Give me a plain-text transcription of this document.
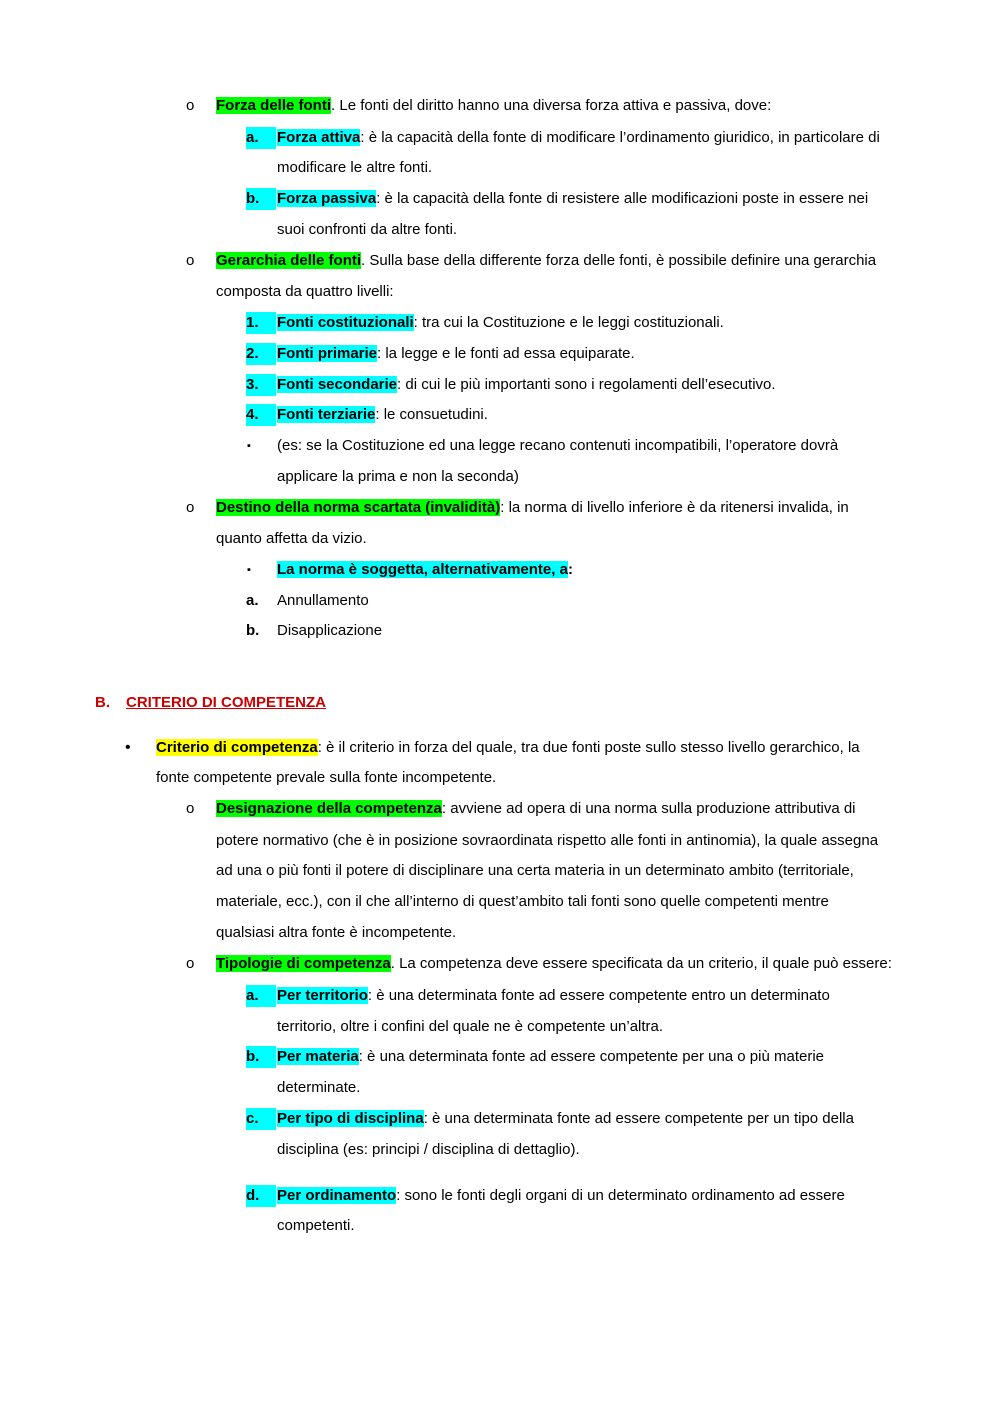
o Forza delle fonti. Le fonti del diritto hanno una diversa forza attiva e passiva, dove:
a.	Forza attiva: è la capacità della fonte di modificare l’ordinamento giuridico, in particolare di
modificare le altre fonti.
b.	Forza passiva: è la capacità della fonte di resistere alle modificazioni poste in essere nei
suoi confronti da altre fonti.
o Gerarchia delle fonti. Sulla base della differente forza delle fonti, è possibile definire una gerarchia
composta da quattro livelli:
1.	Fonti costituzionali: tra cui la Costituzione e le leggi costituzionali.
2.	Fonti primarie: la legge e le fonti ad essa equiparate.
3.	Fonti secondarie: di cui le più importanti sono i regolamenti dell’esecutivo.
4.	Fonti terziarie: le consuetudini.
▪ (es: se la Costituzione ed una legge recano contenuti incompatibili, l’operatore dovrà
applicare la prima e non la seconda)
o Destino della norma scartata (invalidità): la norma di livello inferiore è da ritenersi invalida, in
quanto affetta da vizio.
▪ La norma è soggetta, alternativamente, a:
a. Annullamento
b. Disapplicazione
B. CRITERIO DI COMPETENZA
• Criterio di competenza: è il criterio in forza del quale, tra due fonti poste sullo stesso livello gerarchico, la
fonte competente prevale sulla fonte incompetente.
o Designazione della competenza: avviene ad opera di una norma sulla produzione attributiva di
potere normativo (che è in posizione sovraordinata rispetto alle fonti in antinomia), la quale assegna
ad una o più fonti il potere di disciplinare una certa materia in un determinato ambito (territoriale,
materiale, ecc.), con il che all’interno di quest’ambito tali fonti sono quelle competenti mentre
qualsiasi altra fonte è incompetente.
o Tipologie di competenza. La competenza deve essere specificata da un criterio, il quale può essere:
a.	Per territorio: è una determinata fonte ad essere competente entro un determinato
territorio, oltre i confini del quale ne è competente un’altra.
b.	Per materia: è una determinata fonte ad essere competente per una o più materie
determinate.
c.	Per tipo di disciplina: è una determinata fonte ad essere competente per un tipo della
disciplina (es: principi / disciplina di dettaglio).
d.	Per ordinamento: sono le fonti degli organi di un determinato ordinamento ad essere
competenti.
